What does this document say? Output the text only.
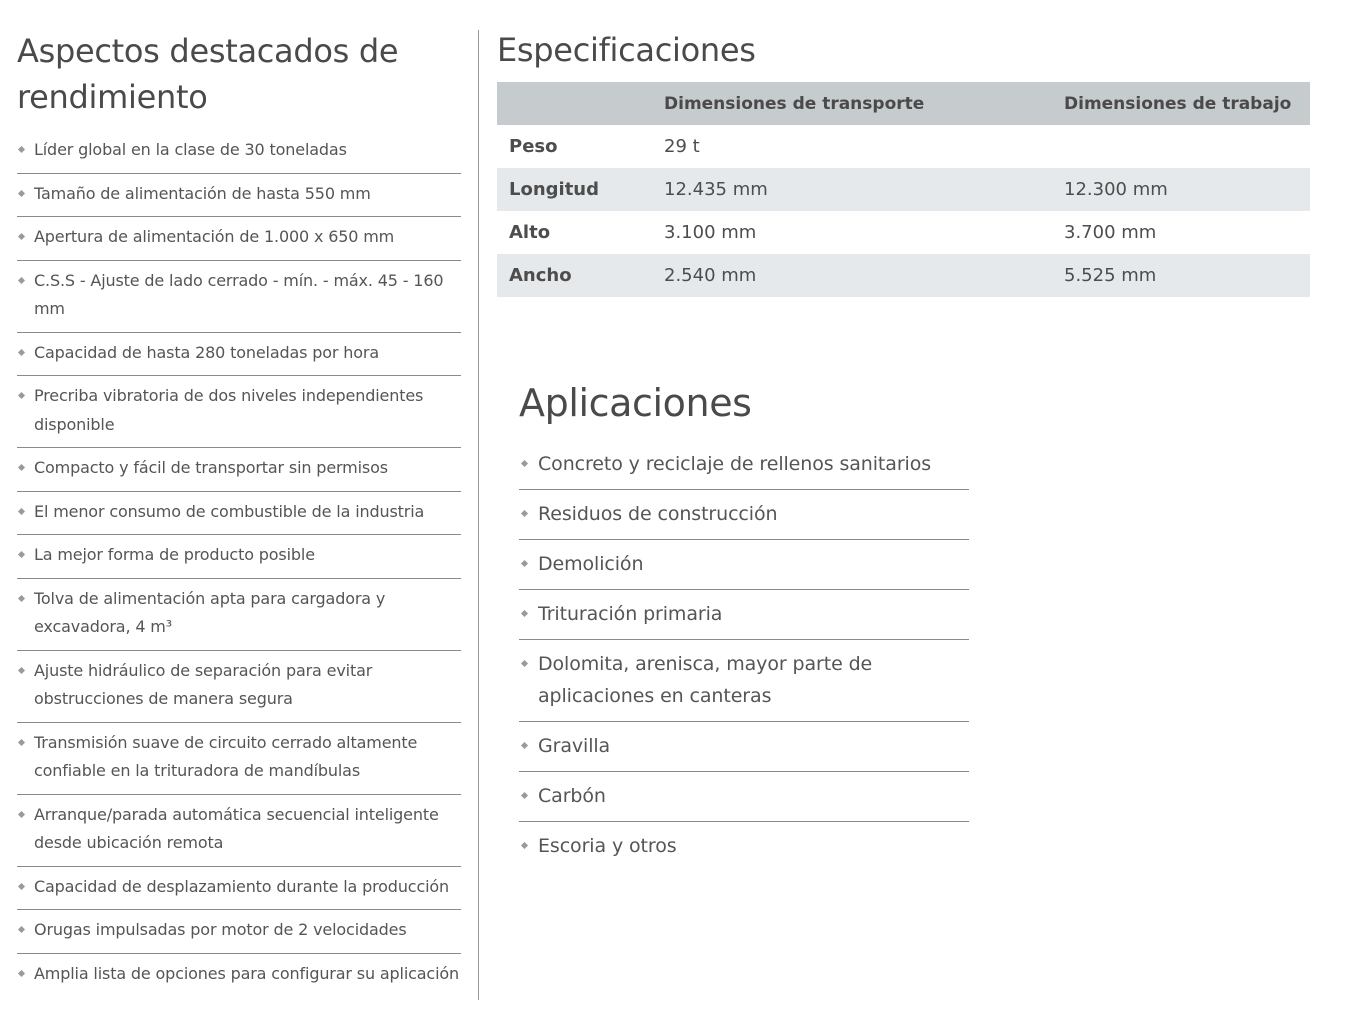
Aspectos destacados de rendimiento
Líder global en la clase de 30 toneladas
Tamaño de alimentación de hasta 550 mm
Apertura de alimentación de 1.000 x 650 mm
C.S.S - Ajuste de lado cerrado - mín. - máx. 45 - 160 mm
Capacidad de hasta 280 toneladas por hora
Precriba vibratoria de dos niveles independientes disponible
Compacto y fácil de transportar sin permisos
El menor consumo de combustible de la industria
La mejor forma de producto posible
Tolva de alimentación apta para cargadora y excavadora, 4 m³
Ajuste hidráulico de separación para evitar obstrucciones de manera segura
Transmisión suave de circuito cerrado altamente confiable en la trituradora de mandíbulas
Arranque/parada automática secuencial inteligente desde ubicación remota
Capacidad de desplazamiento durante la producción
Orugas impulsadas por motor de 2 velocidades
Amplia lista de opciones para configurar su aplicación
Especificaciones
	Dimensiones de transporte	Dimensiones de trabajo
Peso	29 t	
Longitud	12.435 mm	12.300 mm
Alto	3.100 mm	3.700 mm
Ancho	2.540 mm	5.525 mm
Aplicaciones
Concreto y reciclaje de rellenos sanitarios
Residuos de construcción
Demolición
Trituración primaria
Dolomita, arenisca, mayor parte de aplicaciones en canteras
Gravilla
Carbón
Escoria y otros
